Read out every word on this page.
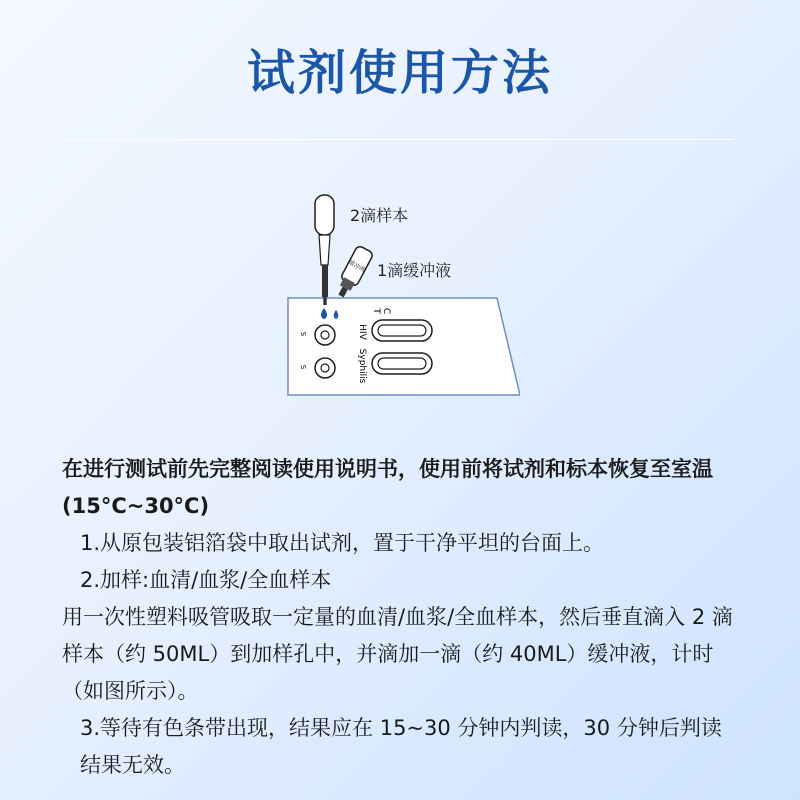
试剂使用方法
缓冲液
S
S
HIV
Syphilis
C
T
2滴样本
1滴缓冲液

在进行测试前先完整阅读使用说明书，使用前将试剂和标本恢复至室温(15°C~30°C)

1.从原包装铝箔袋中取出试剂，置于干净平坦的台面上。

2.加样:血清/血浆/全血样本

用一次性塑料吸管吸取一定量的血清/血浆/全血样本，然后垂直滴入 2 滴样本（约 50ML）到加样孔中，并滴加一滴（约 40ML）缓冲液，计时（如图所示）。

3.等待有色条带出现，结果应在 15~30 分钟内判读，30 分钟后判读结果无效。
